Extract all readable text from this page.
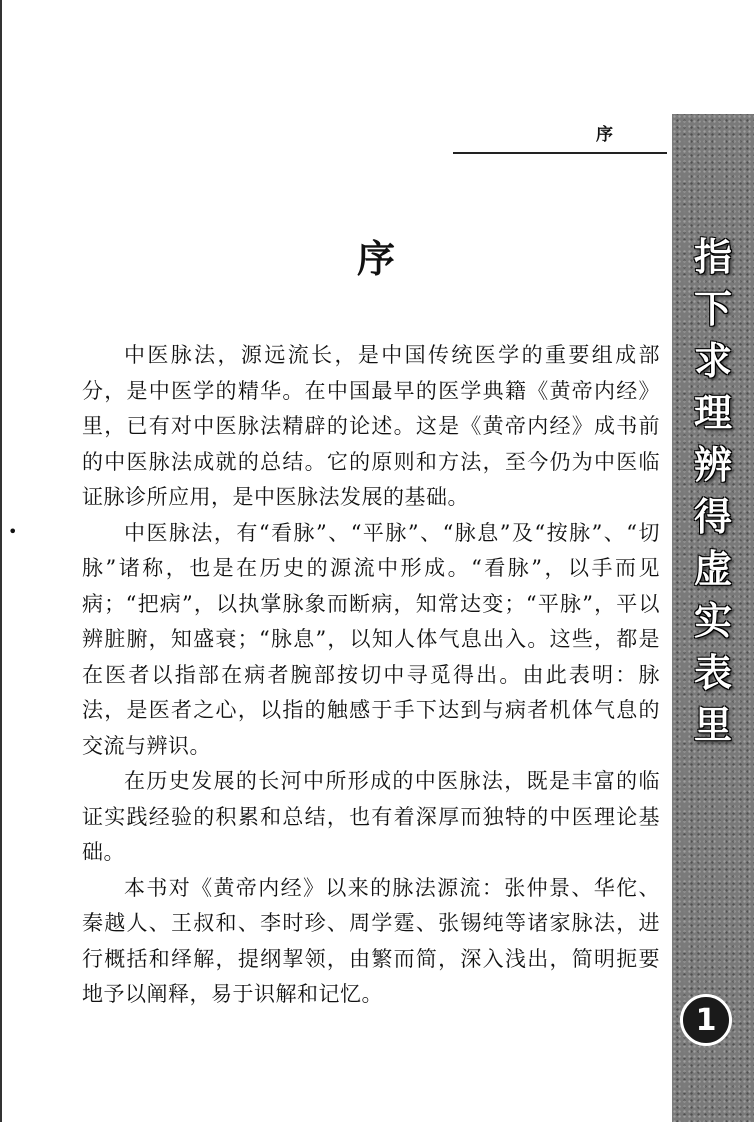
•
序
序

中医脉法，源远流长，是中国传统医学的重要组成部分，是中医学的精华。在中国最早的医学典籍《黄帝内经》里，已有对中医脉法精辟的论述。这是《黄帝内经》成书前的中医脉法成就的总结。它的原则和方法，至今仍为中医临证脉诊所应用，是中医脉法发展的基础。

中医脉法，有“看脉”、“平脉”、“脉息”及“按脉”、“切脉”诸称，也是在历史的源流中形成。“看脉”，以手而见病；“把病”，以执掌脉象而断病，知常达变；“平脉”，平以辨脏腑，知盛衰；“脉息”，以知人体气息出入。这些，都是在医者以指部在病者腕部按切中寻觅得出。由此表明：脉法，是医者之心，以指的触感于手下达到与病者机体气息的交流与辨识。

在历史发展的长河中所形成的中医脉法，既是丰富的临证实践经验的积累和总结，也有着深厚而独特的中医理论基础。

本书对《黄帝内经》以来的脉法源流：张仲景、华佗、秦越人、王叔和、李时珍、周学霆、张锡纯等诸家脉法，进行概括和绎解，提纲挈领，由繁而简，深入浅出，简明扼要地予以阐释，易于识解和记忆。

指
下
求
理
辨
得
虚
实
表
里
1
